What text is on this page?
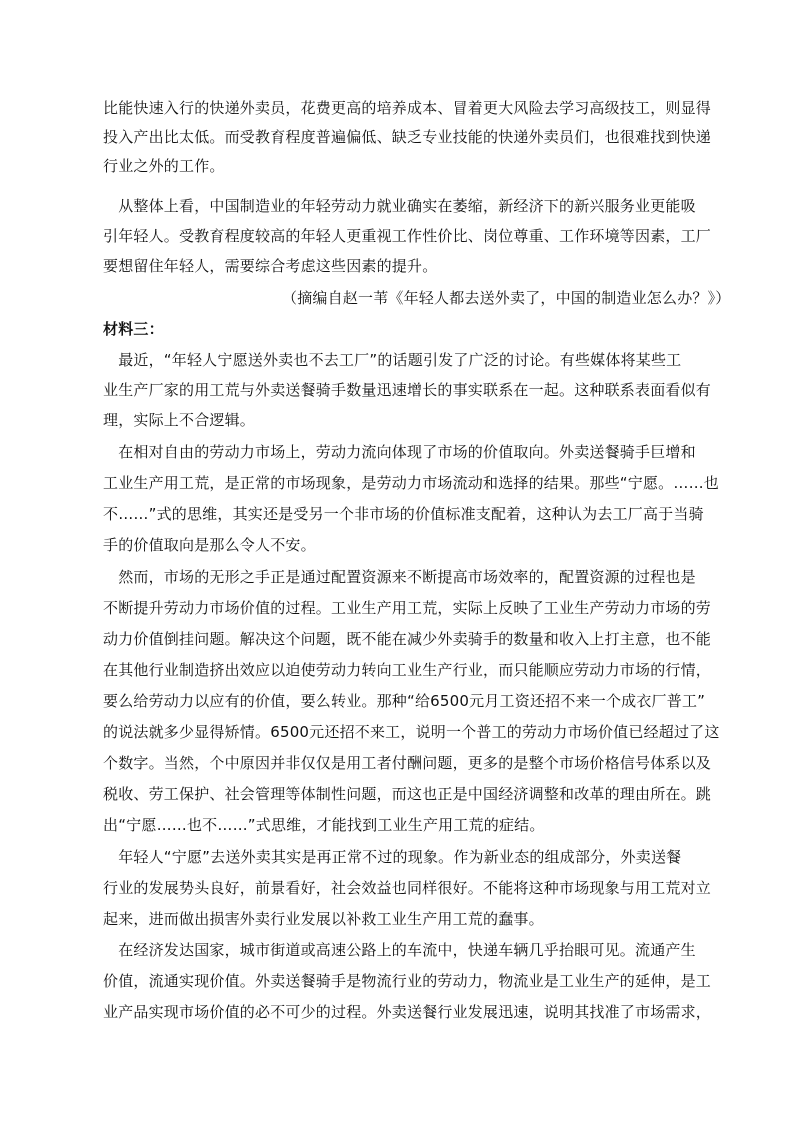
比能快速入行的快递外卖员，花费更高的培养成本、冒着更大风险去学习高级技工，则显得
投入产出比太低。而受教育程度普遍偏低、缺乏专业技能的快递外卖员们，也很难找到快递
行业之外的工作。
　从整体上看，中国制造业的年轻劳动力就业确实在萎缩，新经济下的新兴服务业更能吸
引年轻人。受教育程度较高的年轻人更重视工作性价比、岗位尊重、工作环境等因素，工厂
要想留住年轻人，需要综合考虑这些因素的提升。
（摘编自赵一苇《年轻人都去送外卖了，中国的制造业怎么办？》）
材料三：
　最近，“年轻人宁愿送外卖也不去工厂”的话题引发了广泛的讨论。有些媒体将某些工
业生产厂家的用工荒与外卖送餐骑手数量迅速增长的事实联系在一起。这种联系表面看似有
理，实际上不合逻辑。
　在相对自由的劳动力市场上，劳动力流向体现了市场的价值取向。外卖送餐骑手巨增和
工业生产用工荒，是正常的市场现象，是劳动力市场流动和选择的结果。那些“宁愿。……也
不……”式的思维，其实还是受另一个非市场的价值标准支配着，这种认为去工厂高于当骑
手的价值取向是那么令人不安。
　然而，市场的无形之手正是通过配置资源来不断提高市场效率的，配置资源的过程也是
不断提升劳动力市场价值的过程。工业生产用工荒，实际上反映了工业生产劳动力市场的劳
动力价值倒挂问题。解决这个问题，既不能在减少外卖骑手的数量和收入上打主意，也不能
在其他行业制造挤出效应以迫使劳动力转向工业生产行业，而只能顺应劳动力市场的行情，
要么给劳动力以应有的价值，要么转业。那种“给6500元月工资还招不来一个成衣厂普工”
的说法就多少显得矫情。6500元还招不来工，说明一个普工的劳动力市场价值已经超过了这
个数字。当然，个中原因并非仅仅是用工者付酬问题，更多的是整个市场价格信号体系以及
税收、劳工保护、社会管理等体制性问题，而这也正是中国经济调整和改革的理由所在。跳
出“宁愿……也不……”式思维，才能找到工业生产用工荒的症结。
　年轻人“宁愿”去送外卖其实是再正常不过的现象。作为新业态的组成部分，外卖送餐
行业的发展势头良好，前景看好，社会效益也同样很好。不能将这种市场现象与用工荒对立
起来，进而做出损害外卖行业发展以补救工业生产用工荒的蠢事。
　在经济发达国家，城市街道或高速公路上的车流中，快递车辆几乎抬眼可见。流通产生
价值，流通实现价值。外卖送餐骑手是物流行业的劳动力，物流业是工业生产的延伸，是工
业产品实现市场价值的必不可少的过程。外卖送餐行业发展迅速，说明其找准了市场需求，
